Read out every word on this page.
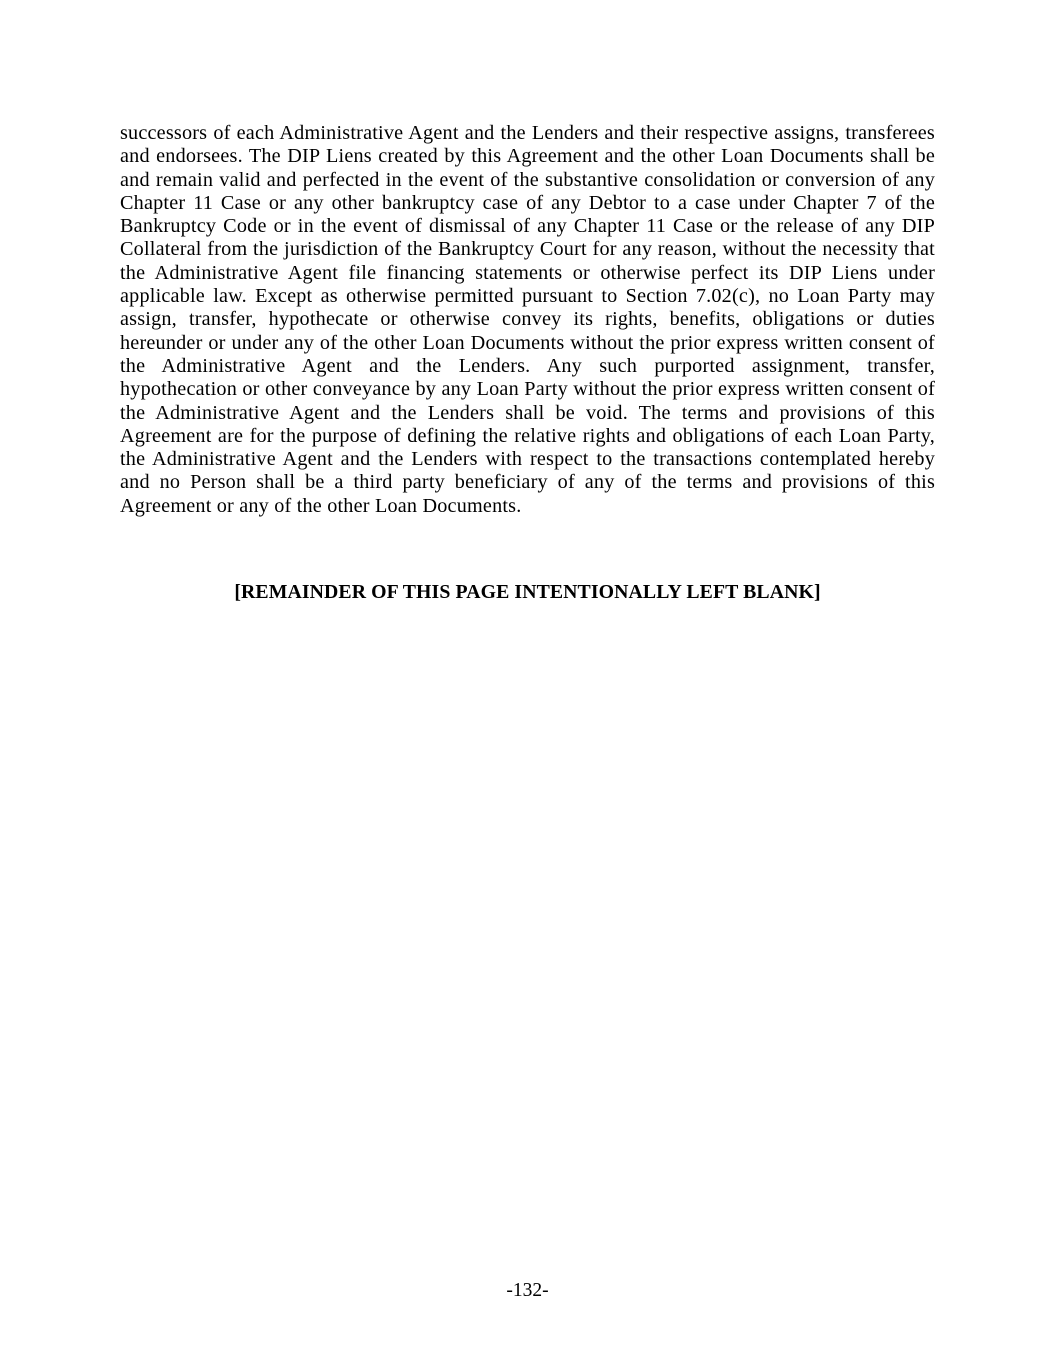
successors of each Administrative Agent and the Lenders and their respective assigns, transferees and endorsees. The DIP Liens created by this Agreement and the other Loan Documents shall be and remain valid and perfected in the event of the substantive consolidation or conversion of any Chapter 11 Case or any other bankruptcy case of any Debtor to a case under Chapter 7 of the Bankruptcy Code or in the event of dismissal of any Chapter 11 Case or the release of any DIP Collateral from the jurisdiction of the Bankruptcy Court for any reason, without the necessity that the Administrative Agent file financing statements or otherwise perfect its DIP Liens under applicable law. Except as otherwise permitted pursuant to Section 7.02(c), no Loan Party may assign, transfer, hypothecate or otherwise convey its rights, benefits, obligations or duties hereunder or under any of the other Loan Documents without the prior express written consent of the Administrative Agent and the Lenders. Any such purported assignment, transfer, hypothecation or other conveyance by any Loan Party without the prior express written consent of the Administrative Agent and the Lenders shall be void. The terms and provisions of this Agreement are for the purpose of defining the relative rights and obligations of each Loan Party, the Administrative Agent and the Lenders with respect to the transactions contemplated hereby and no Person shall be a third party beneficiary of any of the terms and provisions of this Agreement or any of the other Loan Documents.

[REMAINDER OF THIS PAGE INTENTIONALLY LEFT BLANK]
-132-
